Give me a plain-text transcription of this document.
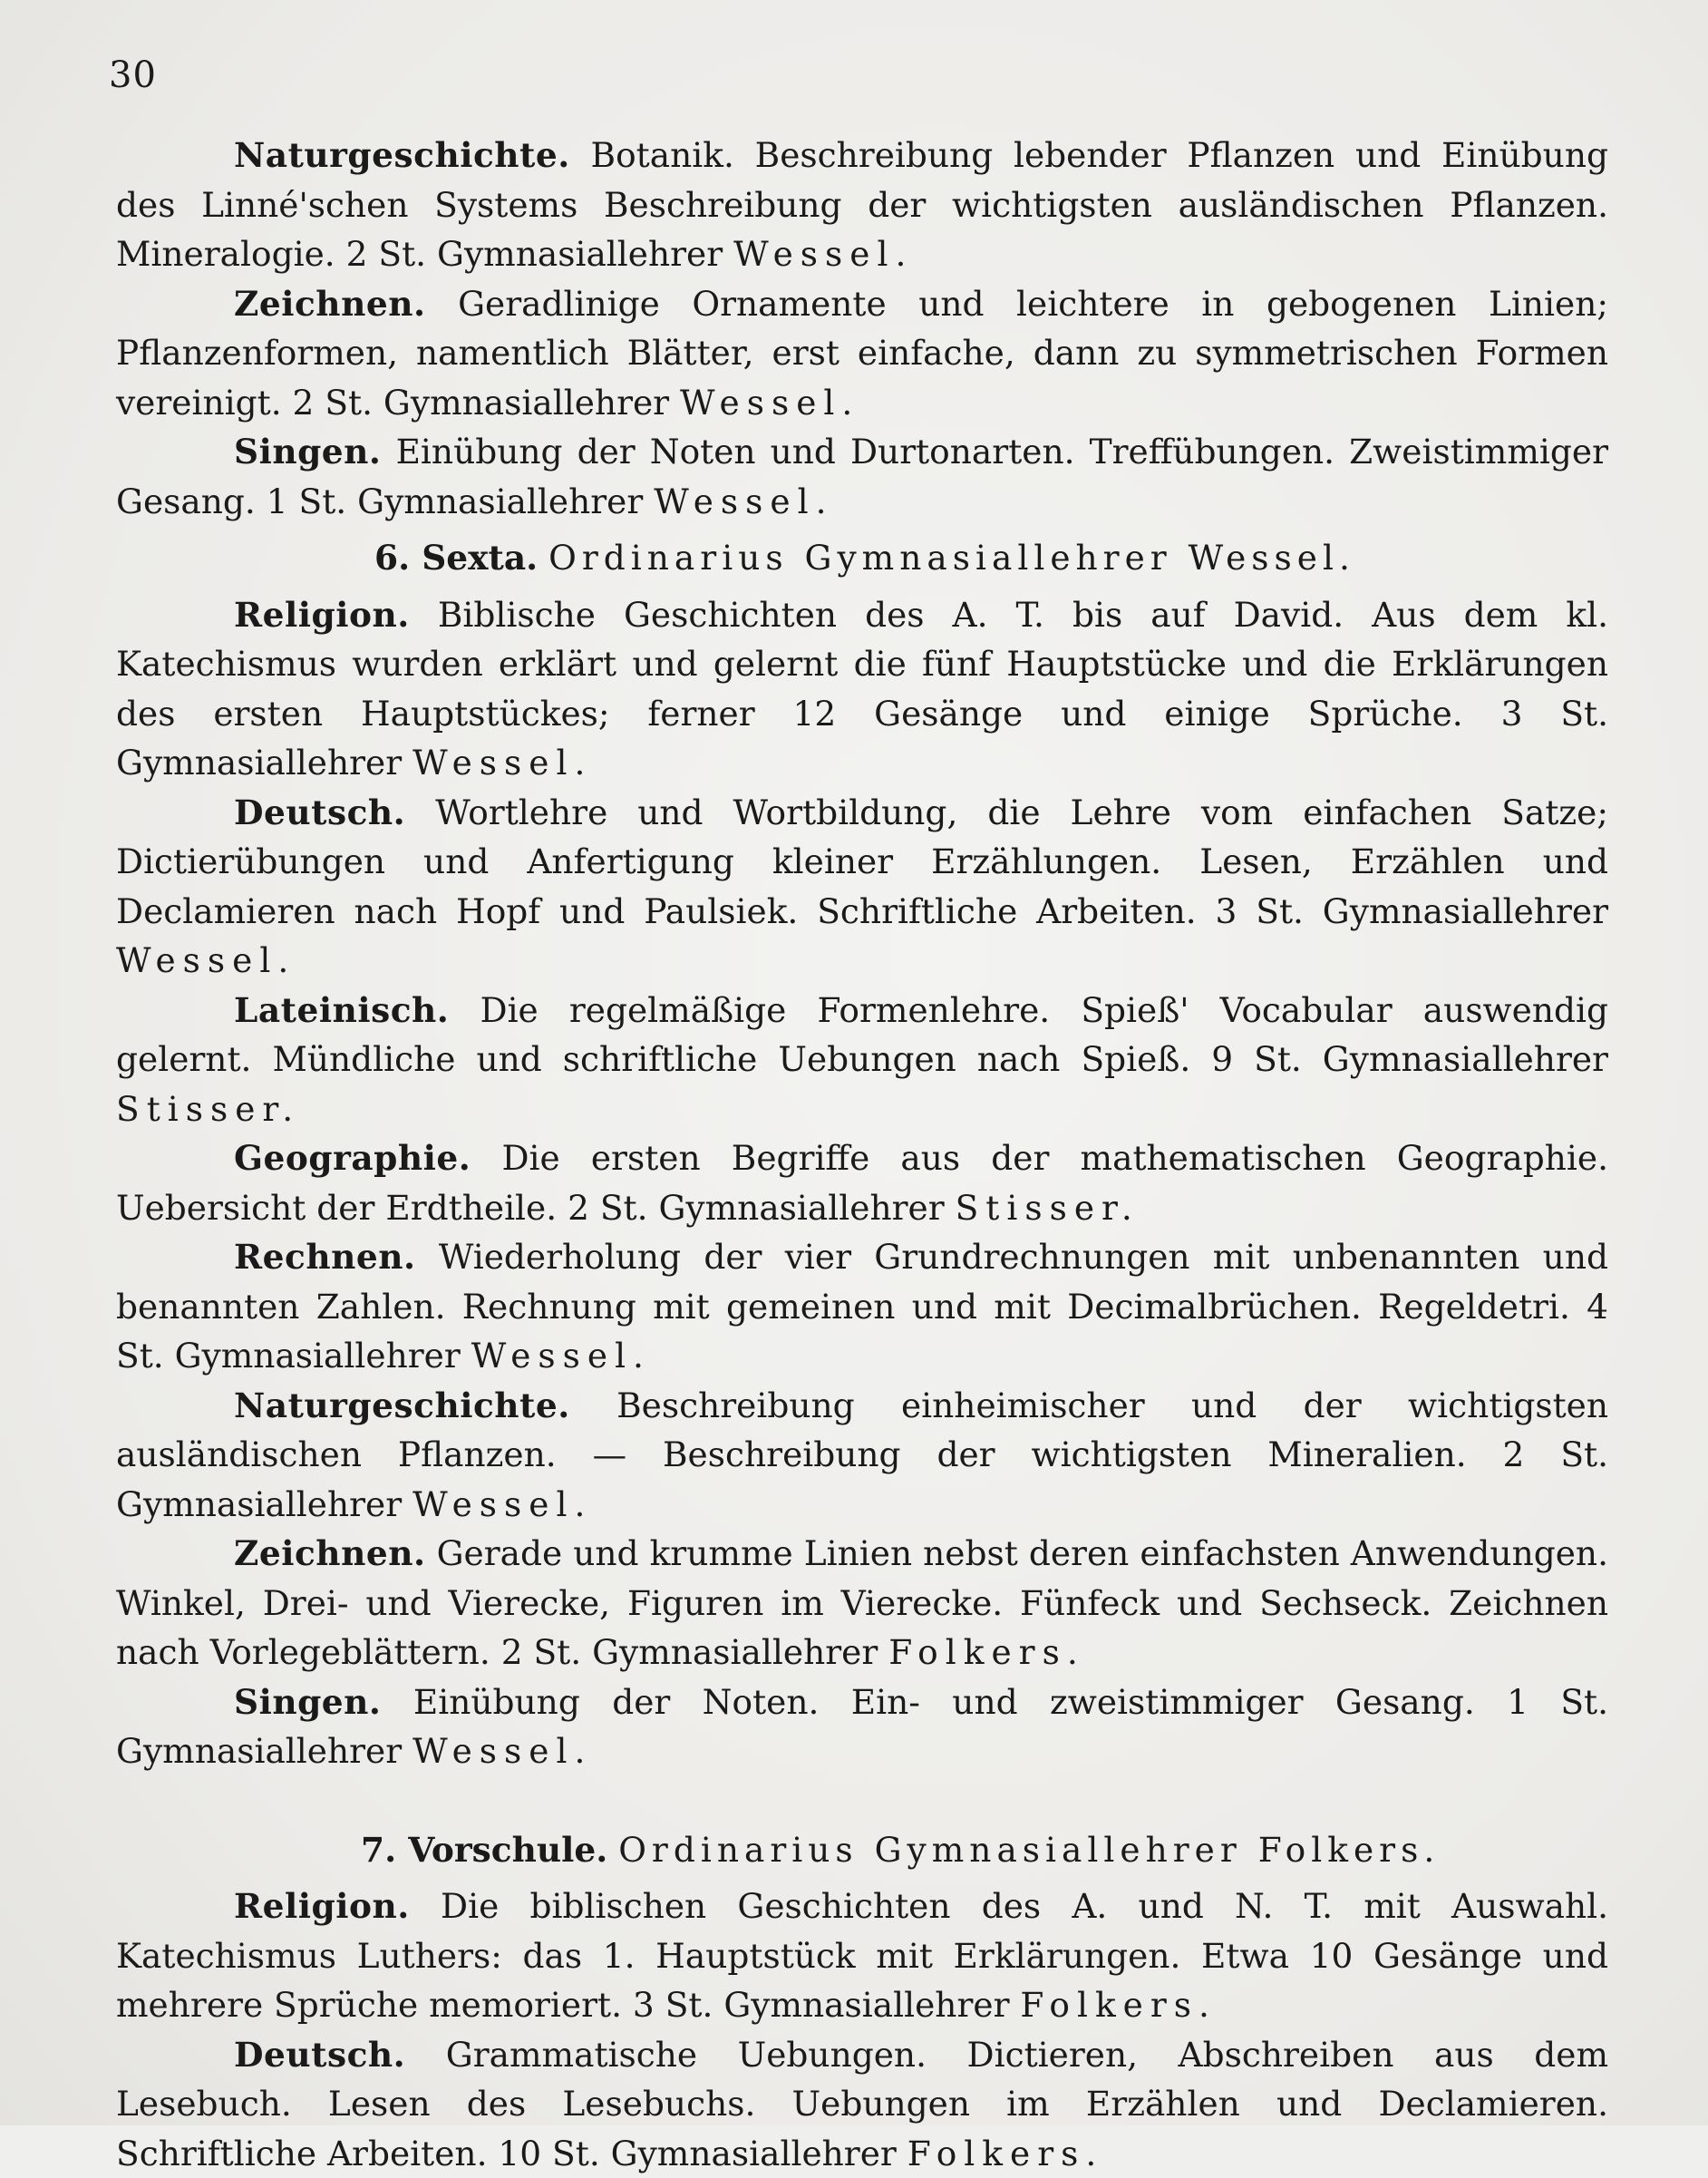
30

Naturgeschichte. Botanik. Beschreibung lebender Pflanzen und Einübung des Linné'schen Systems Beschreibung der wichtigsten ausländischen Pflanzen. Mineralogie. 2 St. Gymnasiallehrer Wessel.

Zeichnen. Geradlinige Ornamente und leichtere in gebogenen Linien; Pflanzenformen, namentlich Blätter, erst einfache, dann zu symmetrischen Formen vereinigt. 2 St. Gymnasiallehrer Wessel.

Singen. Einübung der Noten und Durtonarten. Treffübungen. Zweistimmiger Gesang. 1 St. Gymnasiallehrer Wessel.

6. Sexta. Ordinarius Gymnasiallehrer Wessel.

Religion. Biblische Geschichten des A. T. bis auf David. Aus dem kl. Katechismus wurden erklärt und gelernt die fünf Hauptstücke und die Erklärungen des ersten Hauptstückes; ferner 12 Gesänge und einige Sprüche. 3 St. Gymnasiallehrer Wessel.

Deutsch. Wortlehre und Wortbildung, die Lehre vom einfachen Satze; Dictierübungen und Anfertigung kleiner Erzählungen. Lesen, Erzählen und Declamieren nach Hopf und Paulsiek. Schriftliche Arbeiten. 3 St. Gymnasiallehrer Wessel.

Lateinisch. Die regelmäßige Formenlehre. Spieß' Vocabular auswendig gelernt. Mündliche und schriftliche Uebungen nach Spieß. 9 St. Gymnasiallehrer Stisser.

Geographie. Die ersten Begriffe aus der mathematischen Geographie. Uebersicht der Erdtheile. 2 St. Gymnasiallehrer Stisser.

Rechnen. Wiederholung der vier Grundrechnungen mit unbenannten und benannten Zahlen. Rechnung mit gemeinen und mit Decimalbrüchen. Regeldetri. 4 St. Gymnasiallehrer Wessel.

Naturgeschichte. Beschreibung einheimischer und der wichtigsten ausländischen Pflanzen. — Beschreibung der wichtigsten Mineralien. 2 St. Gymnasiallehrer Wessel.

Zeichnen. Gerade und krumme Linien nebst deren einfachsten Anwendungen. Winkel, Drei- und Vierecke, Figuren im Vierecke. Fünfeck und Sechseck. Zeichnen nach Vorlegeblättern. 2 St. Gymnasiallehrer Folkers.

Singen. Einübung der Noten. Ein- und zweistimmiger Gesang. 1 St. Gymnasiallehrer Wessel.

7. Vorschule. Ordinarius Gymnasiallehrer Folkers.

Religion. Die biblischen Geschichten des A. und N. T. mit Auswahl. Katechismus Luthers: das 1. Hauptstück mit Erklärungen. Etwa 10 Gesänge und mehrere Sprüche memoriert. 3 St. Gymnasiallehrer Folkers.

Deutsch. Grammatische Uebungen. Dictieren, Abschreiben aus dem Lesebuch. Lesen des Lesebuchs. Uebungen im Erzählen und Declamieren. Schriftliche Arbeiten. 10 St. Gymnasiallehrer Folkers.
